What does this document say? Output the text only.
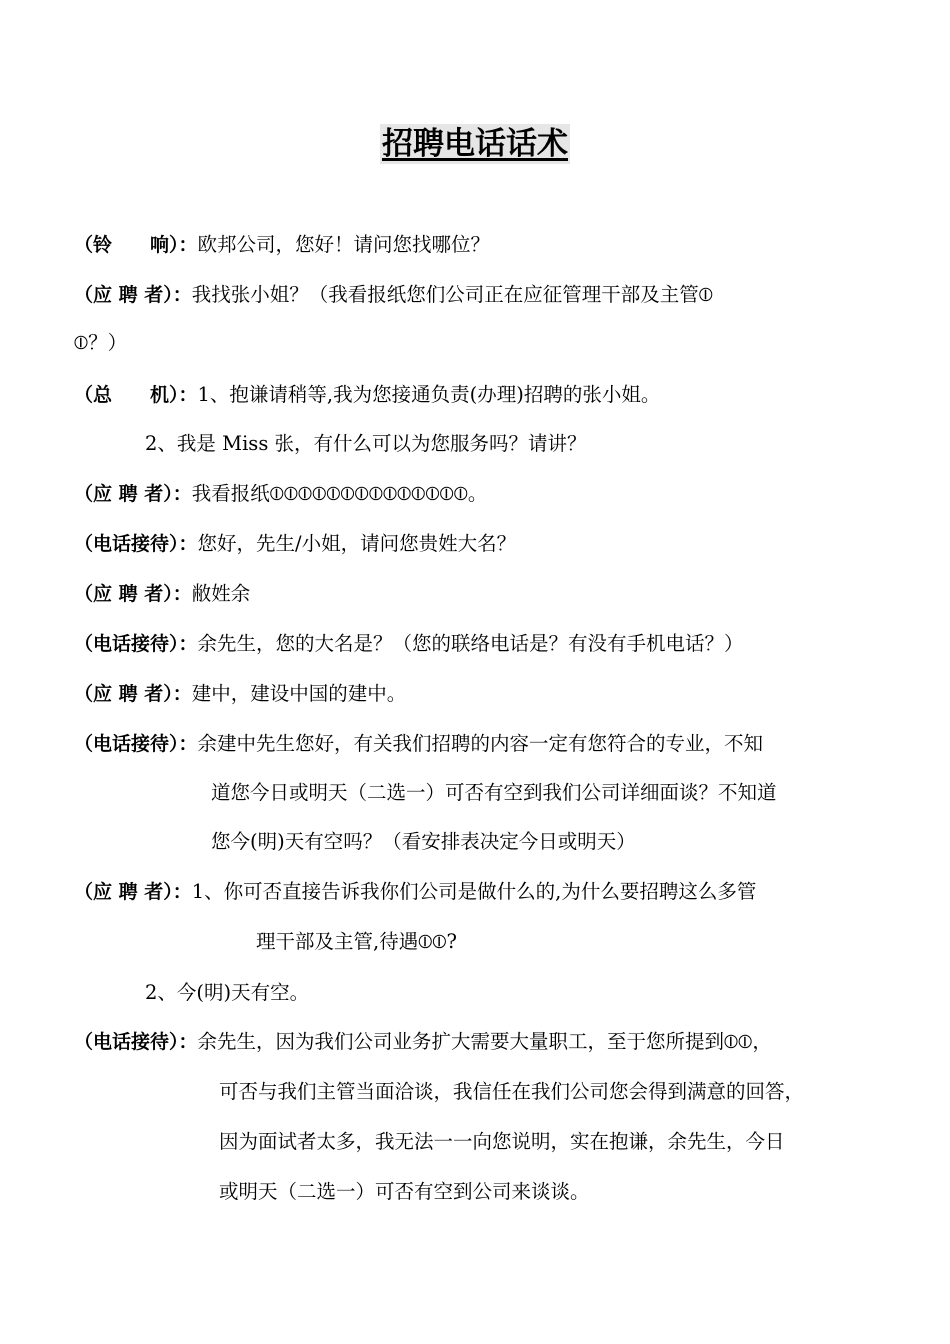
招聘电话话术
（铃　　响）：欧邦公司，您好！请问您找哪位？
（应 聘 者）：我找张小姐？（我看报纸您们公司正在应征管理干部及主管⦶
⦶？）
（总　　机）：1、抱谦请稍等,我为您接通负责(办理)招聘的张小姐。
2、我是 Miss 张，有什么可以为您服务吗？请讲？
（应 聘 者）：我看报纸⦶⦶⦶⦶⦶⦶⦶⦶⦶⦶⦶⦶⦶⦶。
（电话接待）：您好，先生/小姐，请问您贵姓大名？
（应 聘 者）：敝姓余
（电话接待）：余先生，您的大名是？（您的联络电话是？有没有手机电话？）
（应 聘 者）：建中，建设中国的建中。
（电话接待）：余建中先生您好，有关我们招聘的内容一定有您符合的专业，不知
道您今日或明天（二选一）可否有空到我们公司详细面谈？不知道
您今(明)天有空吗？（看安排表决定今日或明天）
（应 聘 者）：1、你可否直接告诉我你们公司是做什么的,为什么要招聘这么多管
理干部及主管,待遇⦶⦶?
2、今(明)天有空。
（电话接待）：余先生，因为我们公司业务扩大需要大量职工，至于您所提到⦶⦶，
可否与我们主管当面洽谈，我信任在我们公司您会得到满意的回答，
因为面试者太多，我无法一一向您说明，实在抱谦，余先生，今日
或明天（二选一）可否有空到公司来谈谈。
